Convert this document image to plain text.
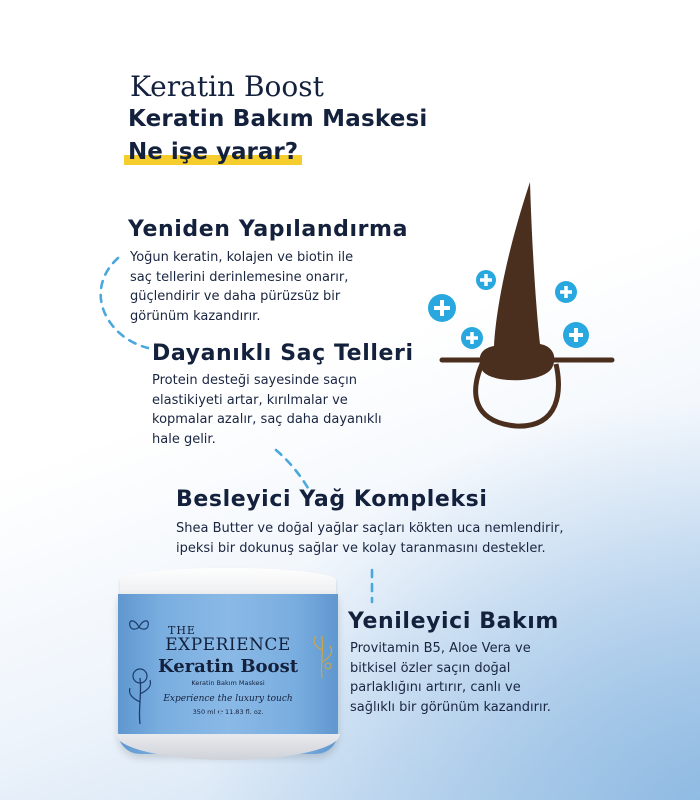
Keratin Boost
Keratin Bakım Maskesi
Ne işe yarar?
Yeniden Yapılandırma
Yoğun keratin, kolajen ve biotin ile
saç tellerini derinlemesine onarır,
güçlendirir ve daha pürüzsüz bir
görünüm kazandırır.
Dayanıklı Saç Telleri
Protein desteği sayesinde saçın
elastikiyeti artar, kırılmalar ve
kopmalar azalır, saç daha dayanıklı
hale gelir.
Besleyici Yağ Kompleksi
Shea Butter ve doğal yağlar saçları kökten uca nemlendirir,
ipeksi bir dokunuş sağlar ve kolay taranmasını destekler.
Yenileyici Bakım
Provitamin B5, Aloe Vera ve
bitkisel özler saçın doğal
parlaklığını artırır, canlı ve
sağlıklı bir görünüm kazandırır.
THE
EXPERIENCE
Keratin Boost
Keratin Bakım Maskesi
Experience the luxury touch
350 ml ℮ 11.83 fl. oz.
